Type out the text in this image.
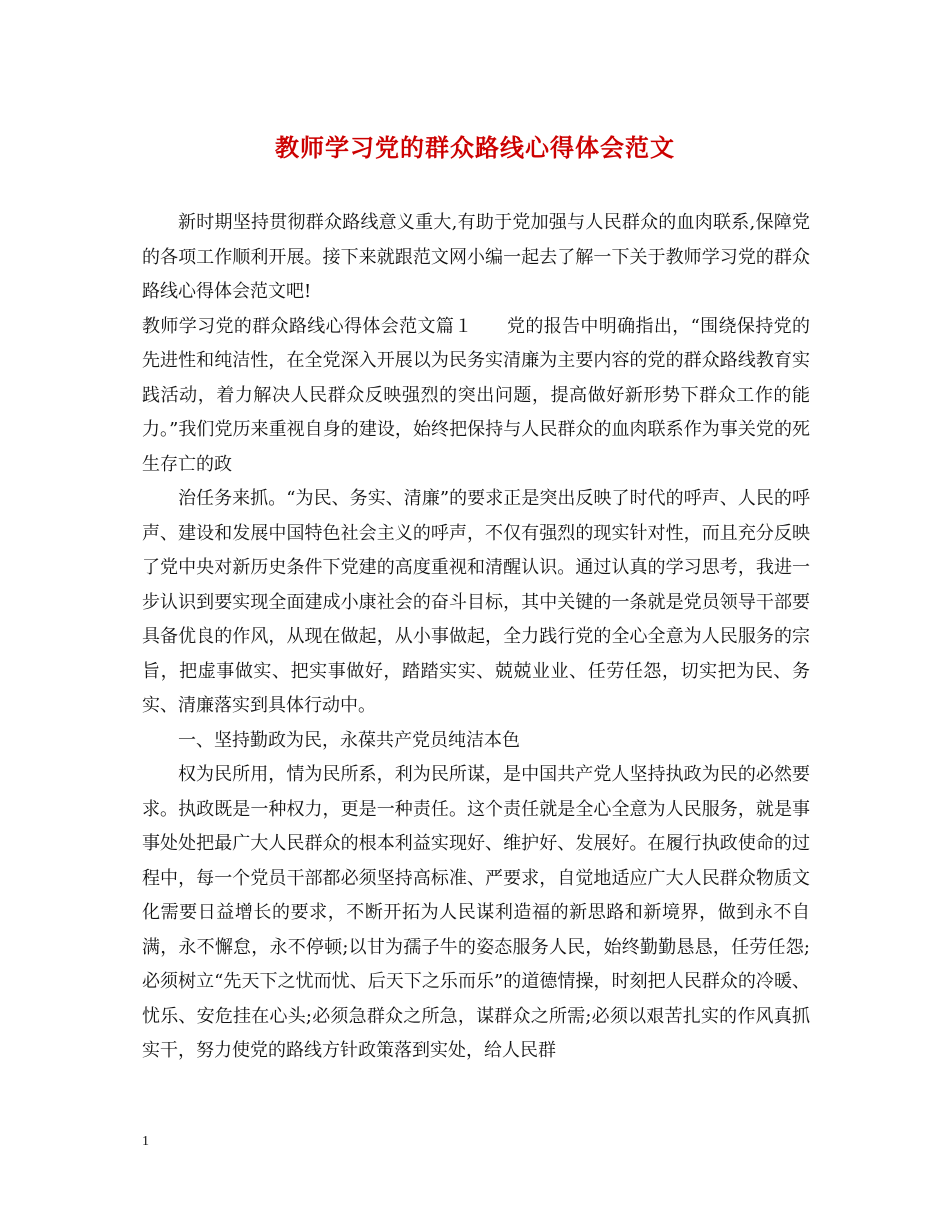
教师学习党的群众路线心得体会范文

新时期坚持贯彻群众路线意义重大,有助于党加强与人民群众的血肉联系,保障党的各项工作顺利开展。接下来就跟范文网小编一起去了解一下关于教师学习党的群众路线心得体会范文吧!

教师学习党的群众路线心得体会范文篇１ 党的报告中明确指出，“围绕保持党的先进性和纯洁性，在全党深入开展以为民务实清廉为主要内容的党的群众路线教育实践活动，着力解决人民群众反映强烈的突出问题，提高做好新形势下群众工作的能力。”我们党历来重视自身的建设，始终把保持与人民群众的血肉联系作为事关党的死生存亡的政

治任务来抓。“为民、务实、清廉”的要求正是突出反映了时代的呼声、人民的呼声、建设和发展中国特色社会主义的呼声，不仅有强烈的现实针对性，而且充分反映了党中央对新历史条件下党建的高度重视和清醒认识。通过认真的学习思考，我进一步认识到要实现全面建成小康社会的奋斗目标，其中关键的一条就是党员领导干部要具备优良的作风，从现在做起，从小事做起，全力践行党的全心全意为人民服务的宗旨，把虚事做实、把实事做好，踏踏实实、兢兢业业、任劳任怨，切实把为民、务实、清廉落实到具体行动中。

一、坚持勤政为民，永葆共产党员纯洁本色

权为民所用，情为民所系，利为民所谋，是中国共产党人坚持执政为民的必然要求。执政既是一种权力，更是一种责任。这个责任就是全心全意为人民服务，就是事事处处把最广大人民群众的根本利益实现好、维护好、发展好。在履行执政使命的过程中，每一个党员干部都必须坚持高标准、严要求，自觉地适应广大人民群众物质文化需要日益增长的要求，不断开拓为人民谋利造福的新思路和新境界，做到永不自满，永不懈怠，永不停顿;以甘为孺子牛的姿态服务人民，始终勤勤恳恳，任劳任怨;必须树立“先天下之忧而忧、后天下之乐而乐”的道德情操，时刻把人民群众的冷暖、忧乐、安危挂在心头;必须急群众之所急，谋群众之所需;必须以艰苦扎实的作风真抓实干，努力使党的路线方针政策落到实处，给人民群

1
